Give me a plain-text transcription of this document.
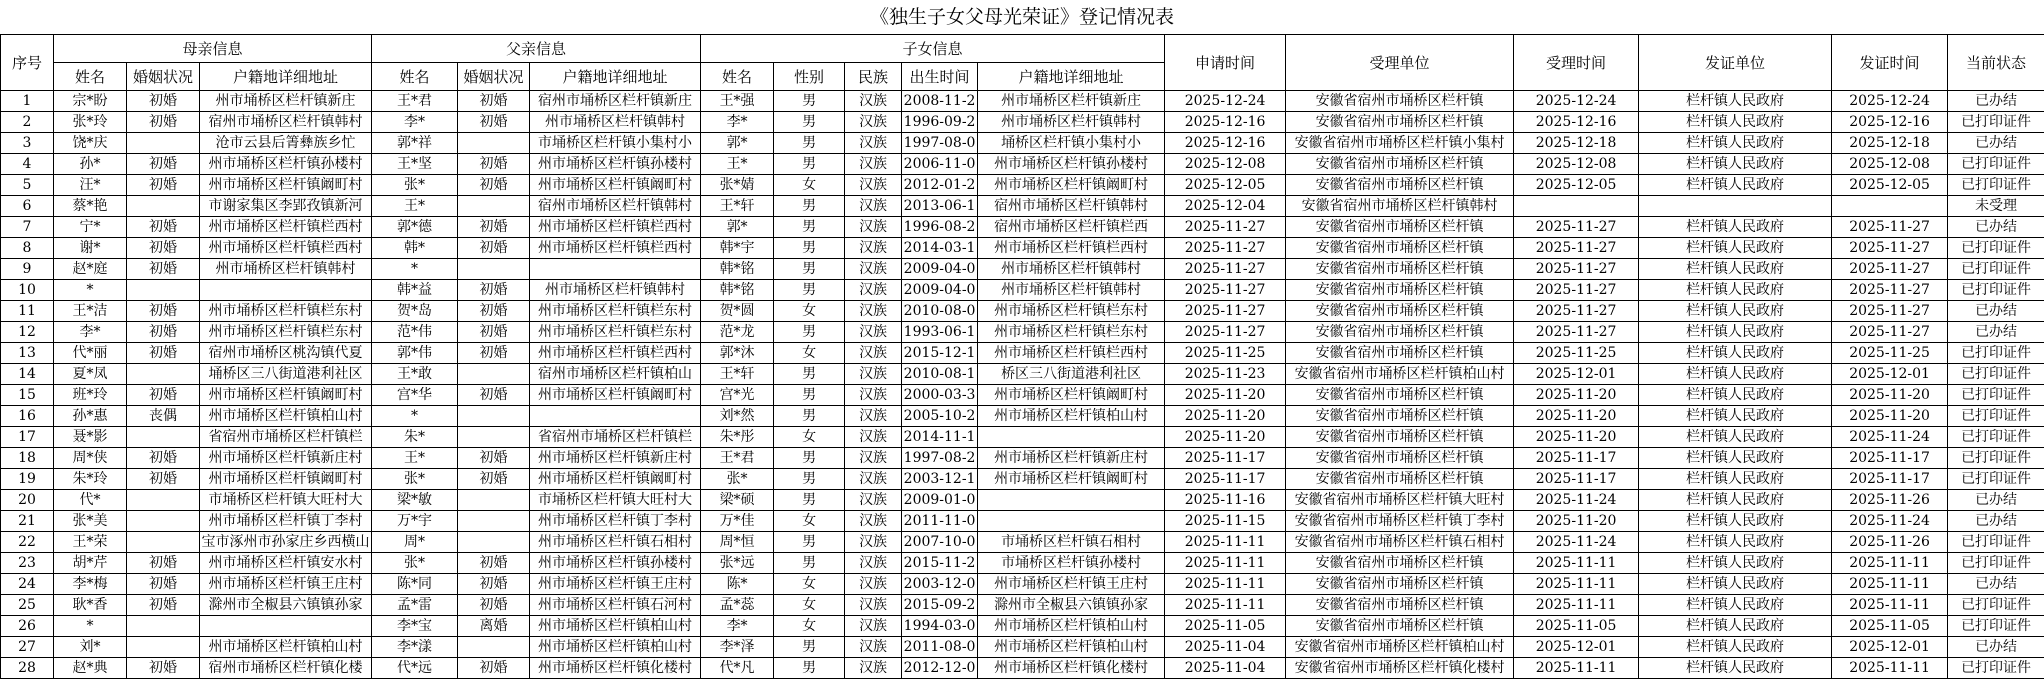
《独生子女父母光荣证》登记情况表
序号	母亲信息			父亲信息			子女信息					申请时间	受理单位	受理时间	发证单位	发证时间	当前状态
	姓名	婚姻状况	户籍地详细地址	姓名	婚姻状况	户籍地详细地址	姓名	性别	民族	出生时间	户籍地详细地址						
1	宗*盼	初婚	州市埇桥区栏杆镇新庄	王*君	初婚	宿州市埇桥区栏杆镇新庄	王*强	男	汉族	2008-11-2	州市埇桥区栏杆镇新庄	2025-12-24	安徽省宿州市埇桥区栏杆镇	2025-12-24	栏杆镇人民政府	2025-12-24	已办结
2	张*玲	初婚	宿州市埇桥区栏杆镇韩村	李*	初婚	州市埇桥区栏杆镇韩村	李*	男	汉族	1996-09-2	州市埇桥区栏杆镇韩村	2025-12-16	安徽省宿州市埇桥区栏杆镇	2025-12-16	栏杆镇人民政府	2025-12-16	已打印证件
3	饶*庆		沧市云县后箐彝族乡忙	郭*祥		市埇桥区栏杆镇小集村小	郭*	男	汉族	1997-08-0	埇桥区栏杆镇小集村小	2025-12-16	安徽省宿州市埇桥区栏杆镇小集村	2025-12-18	栏杆镇人民政府	2025-12-18	已办结
4	孙*	初婚	州市埇桥区栏杆镇孙楼村	王*坚	初婚	州市埇桥区栏杆镇孙楼村	王*	男	汉族	2006-11-0	州市埇桥区栏杆镇孙楼村	2025-12-08	安徽省宿州市埇桥区栏杆镇	2025-12-08	栏杆镇人民政府	2025-12-08	已打印证件
5	汪*	初婚	州市埇桥区栏杆镇阚町村	张*	初婚	州市埇桥区栏杆镇阚町村	张*婧	女	汉族	2012-01-2	州市埇桥区栏杆镇阚町村	2025-12-05	安徽省宿州市埇桥区栏杆镇	2025-12-05	栏杆镇人民政府	2025-12-05	已打印证件
6	蔡*艳		市谢家集区李郢孜镇新河	王*		宿州市埇桥区栏杆镇韩村	王*轩	男	汉族	2013-06-1	宿州市埇桥区栏杆镇韩村	2025-12-04	安徽省宿州市埇桥区栏杆镇韩村				未受理
7	宁*	初婚	州市埇桥区栏杆镇栏西村	郭*德	初婚	州市埇桥区栏杆镇栏西村	郭*	男	汉族	1996-08-2	宿州市埇桥区栏杆镇栏西	2025-11-27	安徽省宿州市埇桥区栏杆镇	2025-11-27	栏杆镇人民政府	2025-11-27	已办结
8	谢*	初婚	州市埇桥区栏杆镇栏西村	韩*	初婚	州市埇桥区栏杆镇栏西村	韩*宇	男	汉族	2014-03-1	州市埇桥区栏杆镇栏西村	2025-11-27	安徽省宿州市埇桥区栏杆镇	2025-11-27	栏杆镇人民政府	2025-11-27	已打印证件
9	赵*庭	初婚	州市埇桥区栏杆镇韩村	*			韩*铭	男	汉族	2009-04-0	州市埇桥区栏杆镇韩村	2025-11-27	安徽省宿州市埇桥区栏杆镇	2025-11-27	栏杆镇人民政府	2025-11-27	已打印证件
10	*			韩*益	初婚	州市埇桥区栏杆镇韩村	韩*铭	男	汉族	2009-04-0	州市埇桥区栏杆镇韩村	2025-11-27	安徽省宿州市埇桥区栏杆镇	2025-11-27	栏杆镇人民政府	2025-11-27	已打印证件
11	王*洁	初婚	州市埇桥区栏杆镇栏东村	贺*岛	初婚	州市埇桥区栏杆镇栏东村	贺*圆	女	汉族	2010-08-0	州市埇桥区栏杆镇栏东村	2025-11-27	安徽省宿州市埇桥区栏杆镇	2025-11-27	栏杆镇人民政府	2025-11-27	已办结
12	李*	初婚	州市埇桥区栏杆镇栏东村	范*伟	初婚	州市埇桥区栏杆镇栏东村	范*龙	男	汉族	1993-06-1	州市埇桥区栏杆镇栏东村	2025-11-27	安徽省宿州市埇桥区栏杆镇	2025-11-27	栏杆镇人民政府	2025-11-27	已办结
13	代*丽	初婚	宿州市埇桥区桃沟镇代夏	郭*伟	初婚	州市埇桥区栏杆镇栏西村	郭*沐	女	汉族	2015-12-1	州市埇桥区栏杆镇栏西村	2025-11-25	安徽省宿州市埇桥区栏杆镇	2025-11-25	栏杆镇人民政府	2025-11-25	已打印证件
14	夏*凤		埇桥区三八街道港利社区	王*敢		宿州市埇桥区栏杆镇柏山	王*轩	男	汉族	2010-08-1	桥区三八街道港利社区	2025-11-23	安徽省宿州市埇桥区栏杆镇柏山村	2025-12-01	栏杆镇人民政府	2025-12-01	已打印证件
15	班*玲	初婚	州市埇桥区栏杆镇阚町村	宫*华	初婚	州市埇桥区栏杆镇阚町村	宫*光	男	汉族	2000-03-3	州市埇桥区栏杆镇阚町村	2025-11-20	安徽省宿州市埇桥区栏杆镇	2025-11-20	栏杆镇人民政府	2025-11-20	已打印证件
16	孙*惠	丧偶	州市埇桥区栏杆镇柏山村	*			刘*然	男	汉族	2005-10-2	州市埇桥区栏杆镇柏山村	2025-11-20	安徽省宿州市埇桥区栏杆镇	2025-11-20	栏杆镇人民政府	2025-11-20	已打印证件
17	聂*影		省宿州市埇桥区栏杆镇栏	朱*		省宿州市埇桥区栏杆镇栏	朱*彤	女	汉族	2014-11-1		2025-11-20	安徽省宿州市埇桥区栏杆镇	2025-11-20	栏杆镇人民政府	2025-11-24	已打印证件
18	周*侠	初婚	州市埇桥区栏杆镇新庄村	王*	初婚	州市埇桥区栏杆镇新庄村	王*君	男	汉族	1997-08-2	州市埇桥区栏杆镇新庄村	2025-11-17	安徽省宿州市埇桥区栏杆镇	2025-11-17	栏杆镇人民政府	2025-11-17	已打印证件
19	朱*玲	初婚	州市埇桥区栏杆镇阚町村	张*	初婚	州市埇桥区栏杆镇阚町村	张*	男	汉族	2003-12-1	州市埇桥区栏杆镇阚町村	2025-11-17	安徽省宿州市埇桥区栏杆镇	2025-11-17	栏杆镇人民政府	2025-11-17	已打印证件
20	代*		市埇桥区栏杆镇大旺村大	梁*敏		市埇桥区栏杆镇大旺村大	梁*硕	男	汉族	2009-01-0		2025-11-16	安徽省宿州市埇桥区栏杆镇大旺村	2025-11-24	栏杆镇人民政府	2025-11-26	已办结
21	张*美		州市埇桥区栏杆镇丁李村	万*宇		州市埇桥区栏杆镇丁李村	万*佳	女	汉族	2011-11-0		2025-11-15	安徽省宿州市埇桥区栏杆镇丁李村	2025-11-20	栏杆镇人民政府	2025-11-24	已办结
22	王*荣		宝市涿州市孙家庄乡西横山	周*		州市埇桥区栏杆镇石相村	周*恒	男	汉族	2007-10-0	市埇桥区栏杆镇石相村	2025-11-11	安徽省宿州市埇桥区栏杆镇石相村	2025-11-24	栏杆镇人民政府	2025-11-26	已打印证件
23	胡*芹	初婚	州市埇桥区栏杆镇安水村	张*	初婚	州市埇桥区栏杆镇孙楼村	张*远	男	汉族	2015-11-2	市埇桥区栏杆镇孙楼村	2025-11-11	安徽省宿州市埇桥区栏杆镇	2025-11-11	栏杆镇人民政府	2025-11-11	已打印证件
24	李*梅	初婚	州市埇桥区栏杆镇王庄村	陈*同	初婚	州市埇桥区栏杆镇王庄村	陈*	女	汉族	2003-12-0	州市埇桥区栏杆镇王庄村	2025-11-11	安徽省宿州市埇桥区栏杆镇	2025-11-11	栏杆镇人民政府	2025-11-11	已办结
25	耿*香	初婚	滁州市全椒县六镇镇孙家	孟*雷	初婚	州市埇桥区栏杆镇石河村	孟*蕊	女	汉族	2015-09-2	滁州市全椒县六镇镇孙家	2025-11-11	安徽省宿州市埇桥区栏杆镇	2025-11-11	栏杆镇人民政府	2025-11-11	已打印证件
26	*			李*宝	离婚	州市埇桥区栏杆镇柏山村	李*	女	汉族	1994-03-0	州市埇桥区栏杆镇柏山村	2025-11-05	安徽省宿州市埇桥区栏杆镇	2025-11-05	栏杆镇人民政府	2025-11-05	已打印证件
27	刘*		州市埇桥区栏杆镇柏山村	李*漾		州市埇桥区栏杆镇柏山村	李*泽	男	汉族	2011-08-0	州市埇桥区栏杆镇柏山村	2025-11-04	安徽省宿州市埇桥区栏杆镇柏山村	2025-12-01	栏杆镇人民政府	2025-12-01	已办结
28	赵*典	初婚	宿州市埇桥区栏杆镇化楼	代*远	初婚	州市埇桥区栏杆镇化楼村	代*凡	男	汉族	2012-12-0	州市埇桥区栏杆镇化楼村	2025-11-04	安徽省宿州市埇桥区栏杆镇化楼村	2025-11-11	栏杆镇人民政府	2025-11-11	已打印证件
